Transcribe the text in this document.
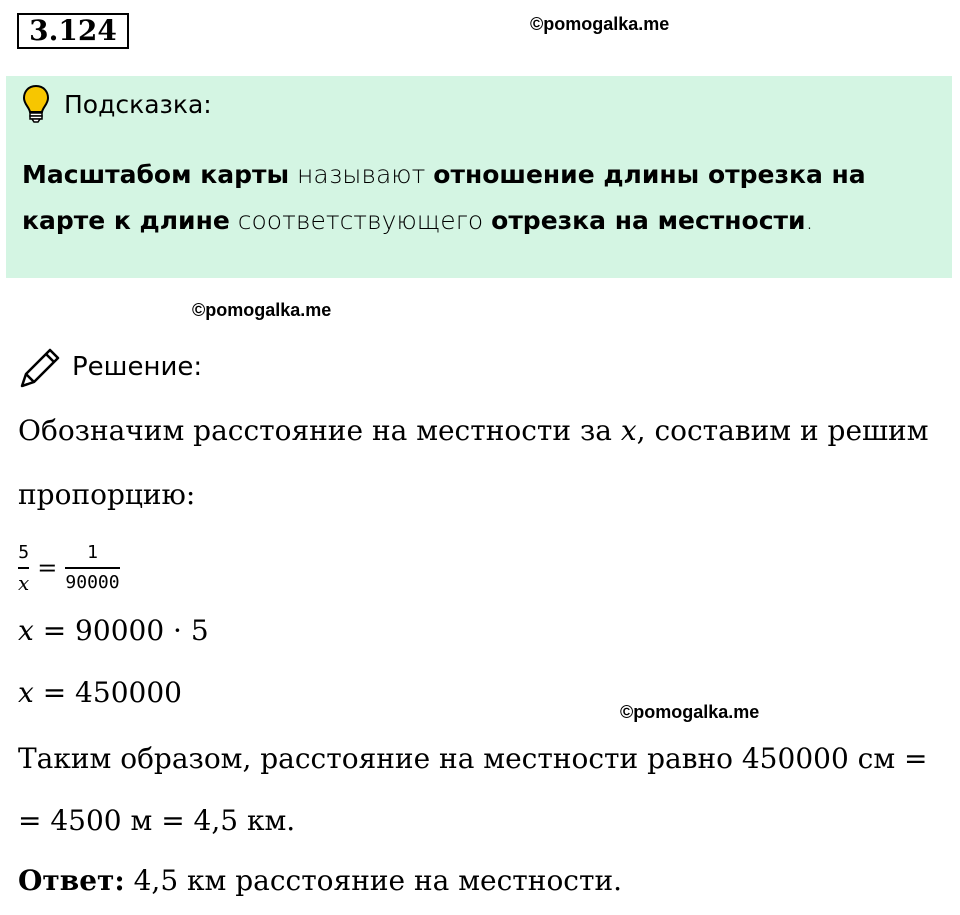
3.124	©pomogalka.me
Подсказка:
Масштабом карты называют отношение длины отрезка на карте к длине соответствующего отрезка на местности.
©pomogalka.me
Решение:
Обозначим расстояние на местности за x, составим и решим
пропорцию:
$\frac{5}{x} = \frac{1}{90000}$
x = 90000 · 5
x = 450000
©pomogalka.me
Таким образом, расстояние на местности равно 450000 см =
= 4500 м = 4,5 км.
Ответ: 4,5 км расстояние на местности.
